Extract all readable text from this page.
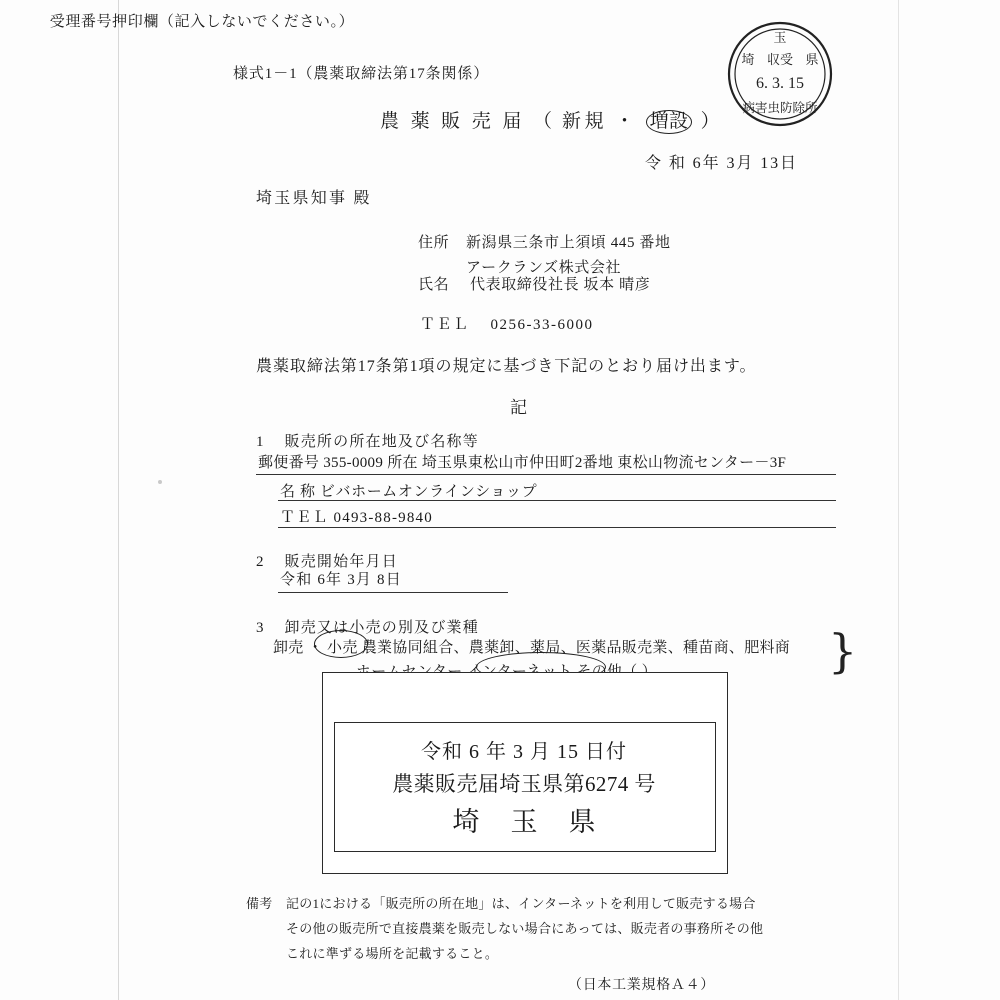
玉
埼	県
収受
6. 3. 15
病害虫防除所
様式1－1（農薬取締法第17条関係）
農 薬 販 売 届 （ 新規 ・ 増設 ）
令 和 6年 3月 13日
埼玉県知事 殿
住所 新潟県三条市上須頃 445 番地
アークランズ株式会社
氏名 代表取締役社長 坂本 晴彦
ＴＥＬ 0256-33-6000
農薬取締法第17条第1項の規定に基づき下記のとおり届け出ます。
記
1 販売所の所在地及び名称等
郵便番号 355-0009 所在 埼玉県東松山市仲田町2番地 東松山物流センター－3F
名 称 ビバホームオンラインショップ
ＴＥＬ 0493-88-9840
2 販売開始年月日
令和 6年 3月 8日
3 卸売又は小売の別及び業種
卸売 ・ 小売 農業協同組合、農薬卸、薬局、医薬品販売業、種苗商、肥料商 }
受理番号押印欄（記入しないでください。）
令和 6 年 3 月 15 日付
農薬販売届埼玉県第6274 号
埼 玉 県
備考 記の1における「販売所の所在地」は、インターネットを利用して販売する場合
その他の販売所で直接農薬を販売しない場合にあっては、販売者の事務所その他
これに準ずる場所を記載すること。
（日本工業規格Ａ４）
